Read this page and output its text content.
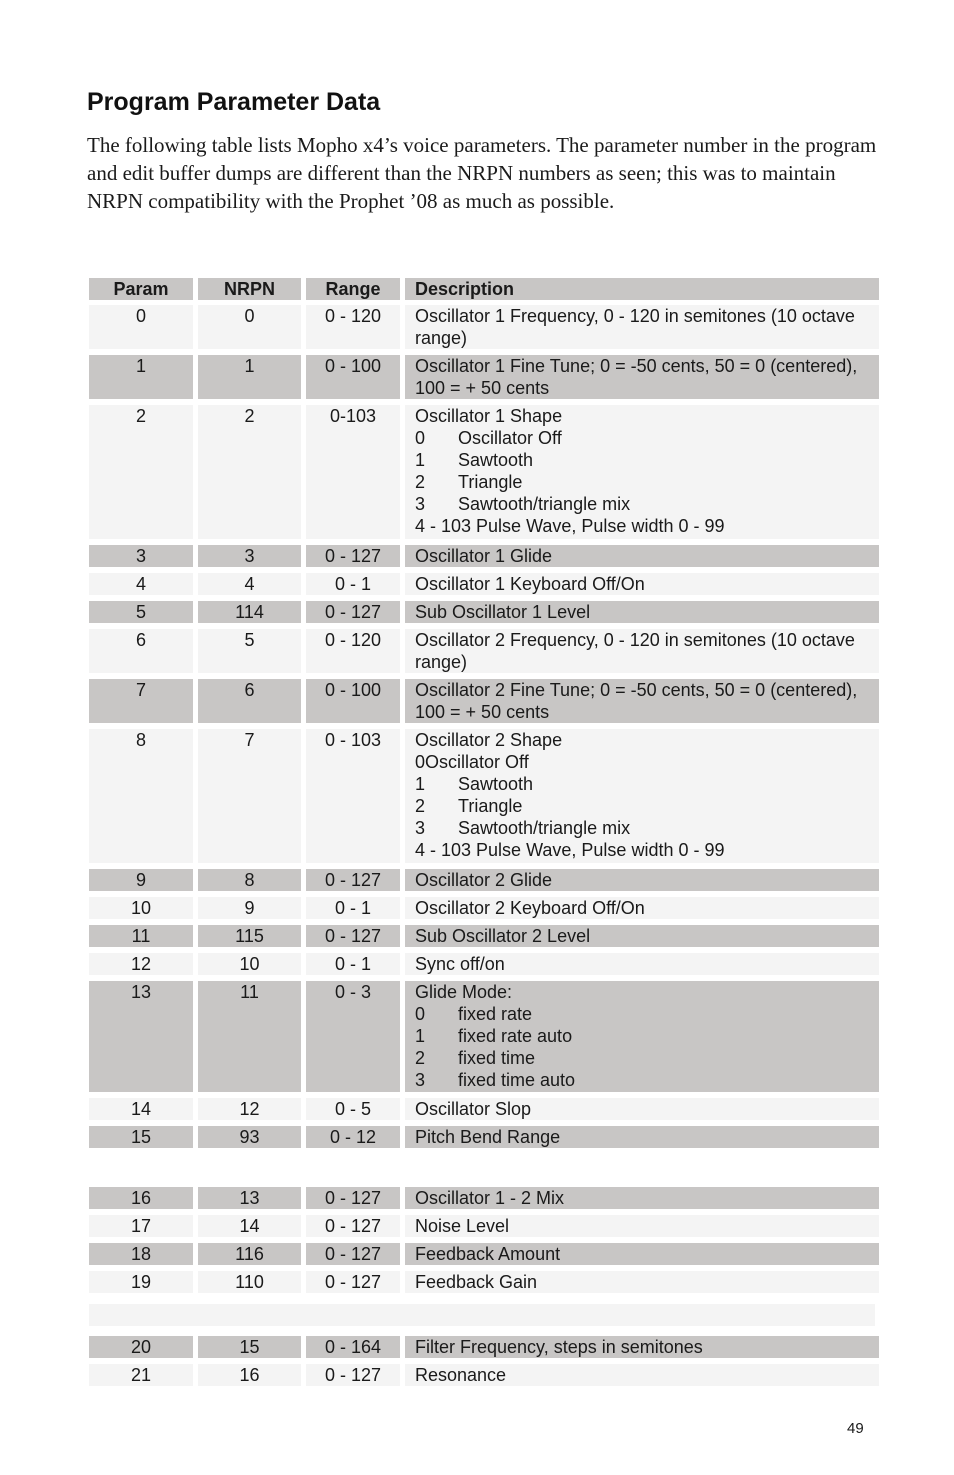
Program Parameter Data

The following table lists Mopho x4’s voice parameters. The parameter number in the program and edit buffer dumps are different than the NRPN numbers as seen; this was to maintain NRPN compatibility with the Prophet ’08 as much as possible.

Param	NRPN	Range	Description
0	0	0 - 120	Oscillator 1 Frequency, 0 - 120 in semitones (10 octave range)
1	1	0 - 100	Oscillator 1 Fine Tune; 0 = -50 cents, 50 = 0 (centered), 100 = + 50 cents
2	2	0-103	Oscillator 1 Shape
0	Oscillator Off
1	Sawtooth
2	Triangle
3	Sawtooth/triangle mix
4 - 103 Pulse Wave, Pulse width 0 - 99
3	3	0 - 127	Oscillator 1 Glide
4	4	0 - 1	Oscillator 1 Keyboard Off/On
5	114	0 - 127	Sub Oscillator 1 Level
6	5	0 - 120	Oscillator 2 Frequency, 0 - 120 in semitones (10 octave range)
7	6	0 - 100	Oscillator 2 Fine Tune; 0 = -50 cents, 50 = 0 (centered), 100 = + 50 cents
8	7	0 - 103	Oscillator 2 Shape
0Oscillator Off
1	Sawtooth
2	Triangle
3	Sawtooth/triangle mix
4 - 103 Pulse Wave, Pulse width 0 - 99
9	8	0 - 127	Oscillator 2 Glide
10	9	0 - 1	Oscillator 2 Keyboard Off/On
11	115	0 - 127	Sub Oscillator 2 Level
12	10	0 - 1	Sync off/on
13	11	0 - 3	Glide Mode:
0	fixed rate
1	fixed rate auto
2	fixed time
3	fixed time auto
14	12	0 - 5	Oscillator Slop
15	93	0 - 12	Pitch Bend Range
16	13	0 - 127	Oscillator 1 - 2 Mix
17	14	0 - 127	Noise Level
18	116	0 - 127	Feedback Amount
19	110	0 - 127	Feedback Gain
20	15	0 - 164	Filter Frequency, steps in semitones
21	16	0 - 127	Resonance
49
